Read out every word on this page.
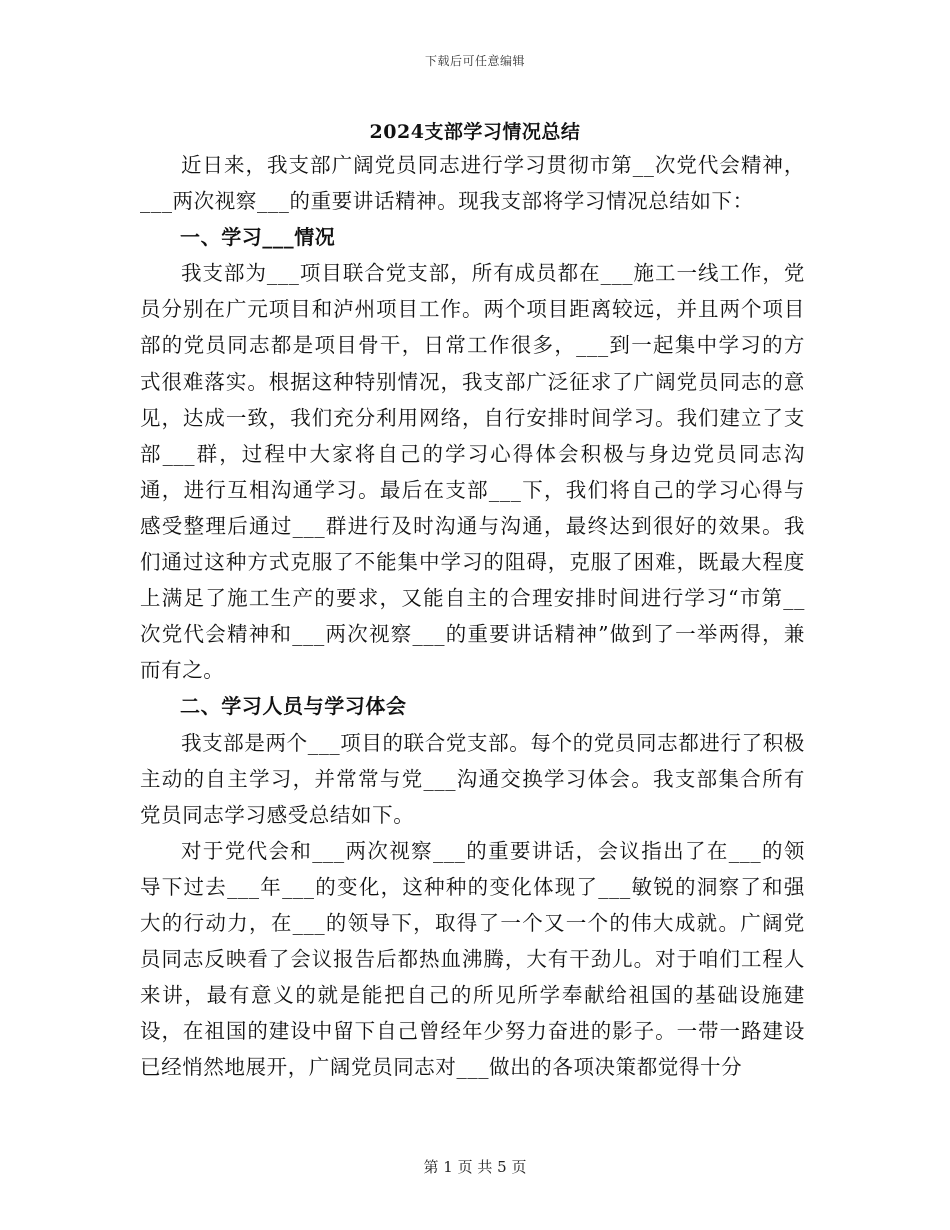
下载后可任意编辑
2024支部学习情况总结

近日来，我支部广阔党员同志进行学习贯彻市第__次党代会精神，___两次视察___的重要讲话精神。现我支部将学习情况总结如下：

一、学习___情况

我支部为___项目联合党支部，所有成员都在___施工一线工作，党员分别在广元项目和泸州项目工作。两个项目距离较远，并且两个项目部的党员同志都是项目骨干，日常工作很多，___到一起集中学习的方式很难落实。根据这种特别情况，我支部广泛征求了广阔党员同志的意见，达成一致，我们充分利用网络，自行安排时间学习。我们建立了支部___群，过程中大家将自己的学习心得体会积极与身边党员同志沟通，进行互相沟通学习。最后在支部___下，我们将自己的学习心得与感受整理后通过___群进行及时沟通与沟通，最终达到很好的效果。我们通过这种方式克服了不能集中学习的阻碍，克服了困难，既最大程度上满足了施工生产的要求，又能自主的合理安排时间进行学习“市第__次党代会精神和___两次视察___的重要讲话精神”做到了一举两得，兼而有之。

二、学习人员与学习体会

我支部是两个___项目的联合党支部。每个的党员同志都进行了积极主动的自主学习，并常常与党___沟通交换学习体会。我支部集合所有党员同志学习感受总结如下。

对于党代会和___两次视察___的重要讲话，会议指出了在___的领导下过去___年___的变化，这种种的变化体现了___敏锐的洞察了和强大的行动力，在___的领导下，取得了一个又一个的伟大成就。广阔党员同志反映看了会议报告后都热血沸腾，大有干劲儿。对于咱们工程人来讲，最有意义的就是能把自己的所见所学奉献给祖国的基础设施建设，在祖国的建设中留下自己曾经年少努力奋进的影子。一带一路建设已经悄然地展开，广阔党员同志对___做出的各项决策都觉得十分

第 1 页 共 5 页
